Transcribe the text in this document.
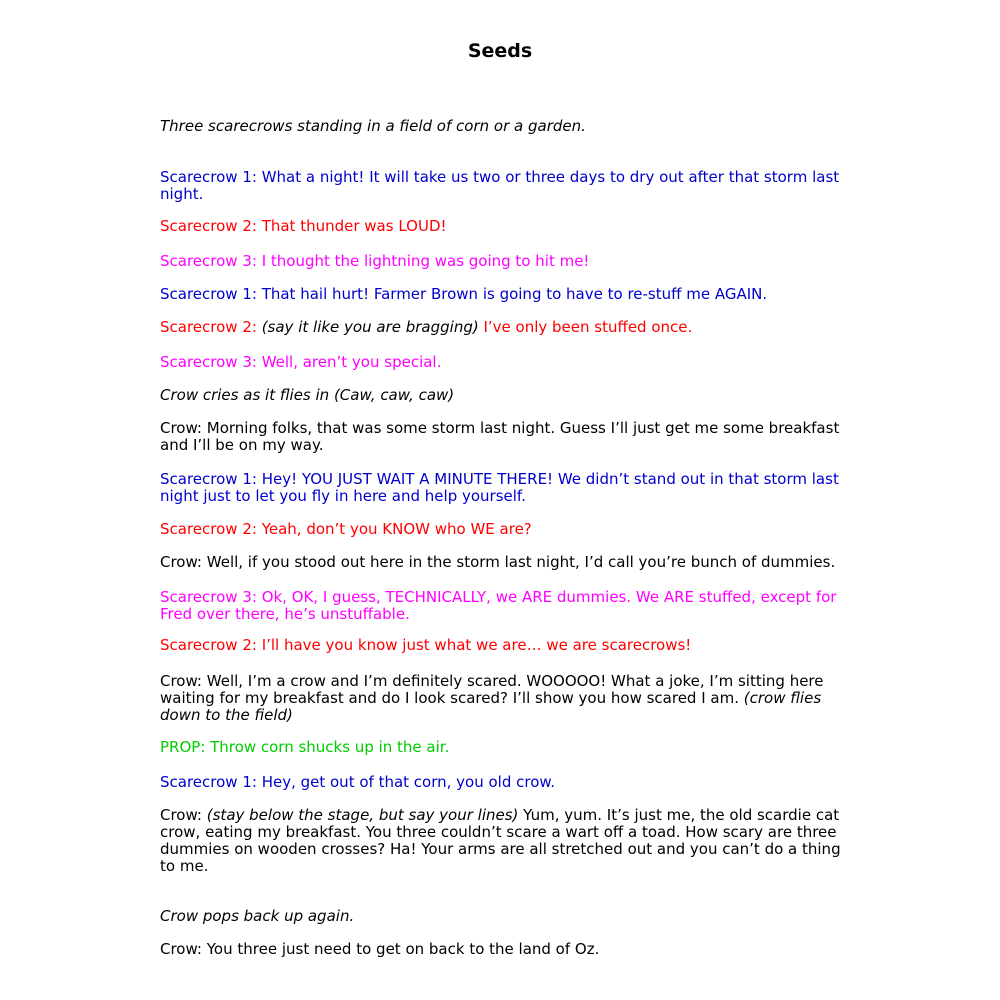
Seeds

Three scarecrows standing in a field of corn or a garden.

Scarecrow 1: What a night! It will take us two or three days to dry out after that storm last night.

Scarecrow 2: That thunder was LOUD!

Scarecrow 3: I thought the lightning was going to hit me!

Scarecrow 1: That hail hurt! Farmer Brown is going to have to re-stuff me AGAIN.

Scarecrow 2: (say it like you are bragging) I’ve only been stuffed once.

Scarecrow 3: Well, aren’t you special.

Crow cries as it flies in (Caw, caw, caw)

Crow: Morning folks, that was some storm last night. Guess I’ll just get me some breakfast and I’ll be on my way.

Scarecrow 1: Hey! YOU JUST WAIT A MINUTE THERE! We didn’t stand out in that storm last night just to let you fly in here and help yourself.

Scarecrow 2: Yeah, don’t you KNOW who WE are?

Crow: Well, if you stood out here in the storm last night, I’d call you’re bunch of dummies.

Scarecrow 3: Ok, OK, I guess, TECHNICALLY, we ARE dummies. We ARE stuffed, except for Fred over there, he’s unstuffable.

Scarecrow 2: I’ll have you know just what we are… we are scarecrows!

Crow: Well, I’m a crow and I’m definitely scared. WOOOOO! What a joke, I’m sitting here waiting for my breakfast and do I look scared? I’ll show you how scared I am. (crow flies down to the field)

PROP: Throw corn shucks up in the air.

Scarecrow 1: Hey, get out of that corn, you old crow.

Crow: (stay below the stage, but say your lines) Yum, yum. It’s just me, the old scardie cat crow, eating my breakfast. You three couldn’t scare a wart off a toad. How scary are three dummies on wooden crosses? Ha! Your arms are all stretched out and you can’t do a thing to me.

Crow pops back up again.

Crow: You three just need to get on back to the land of Oz.
